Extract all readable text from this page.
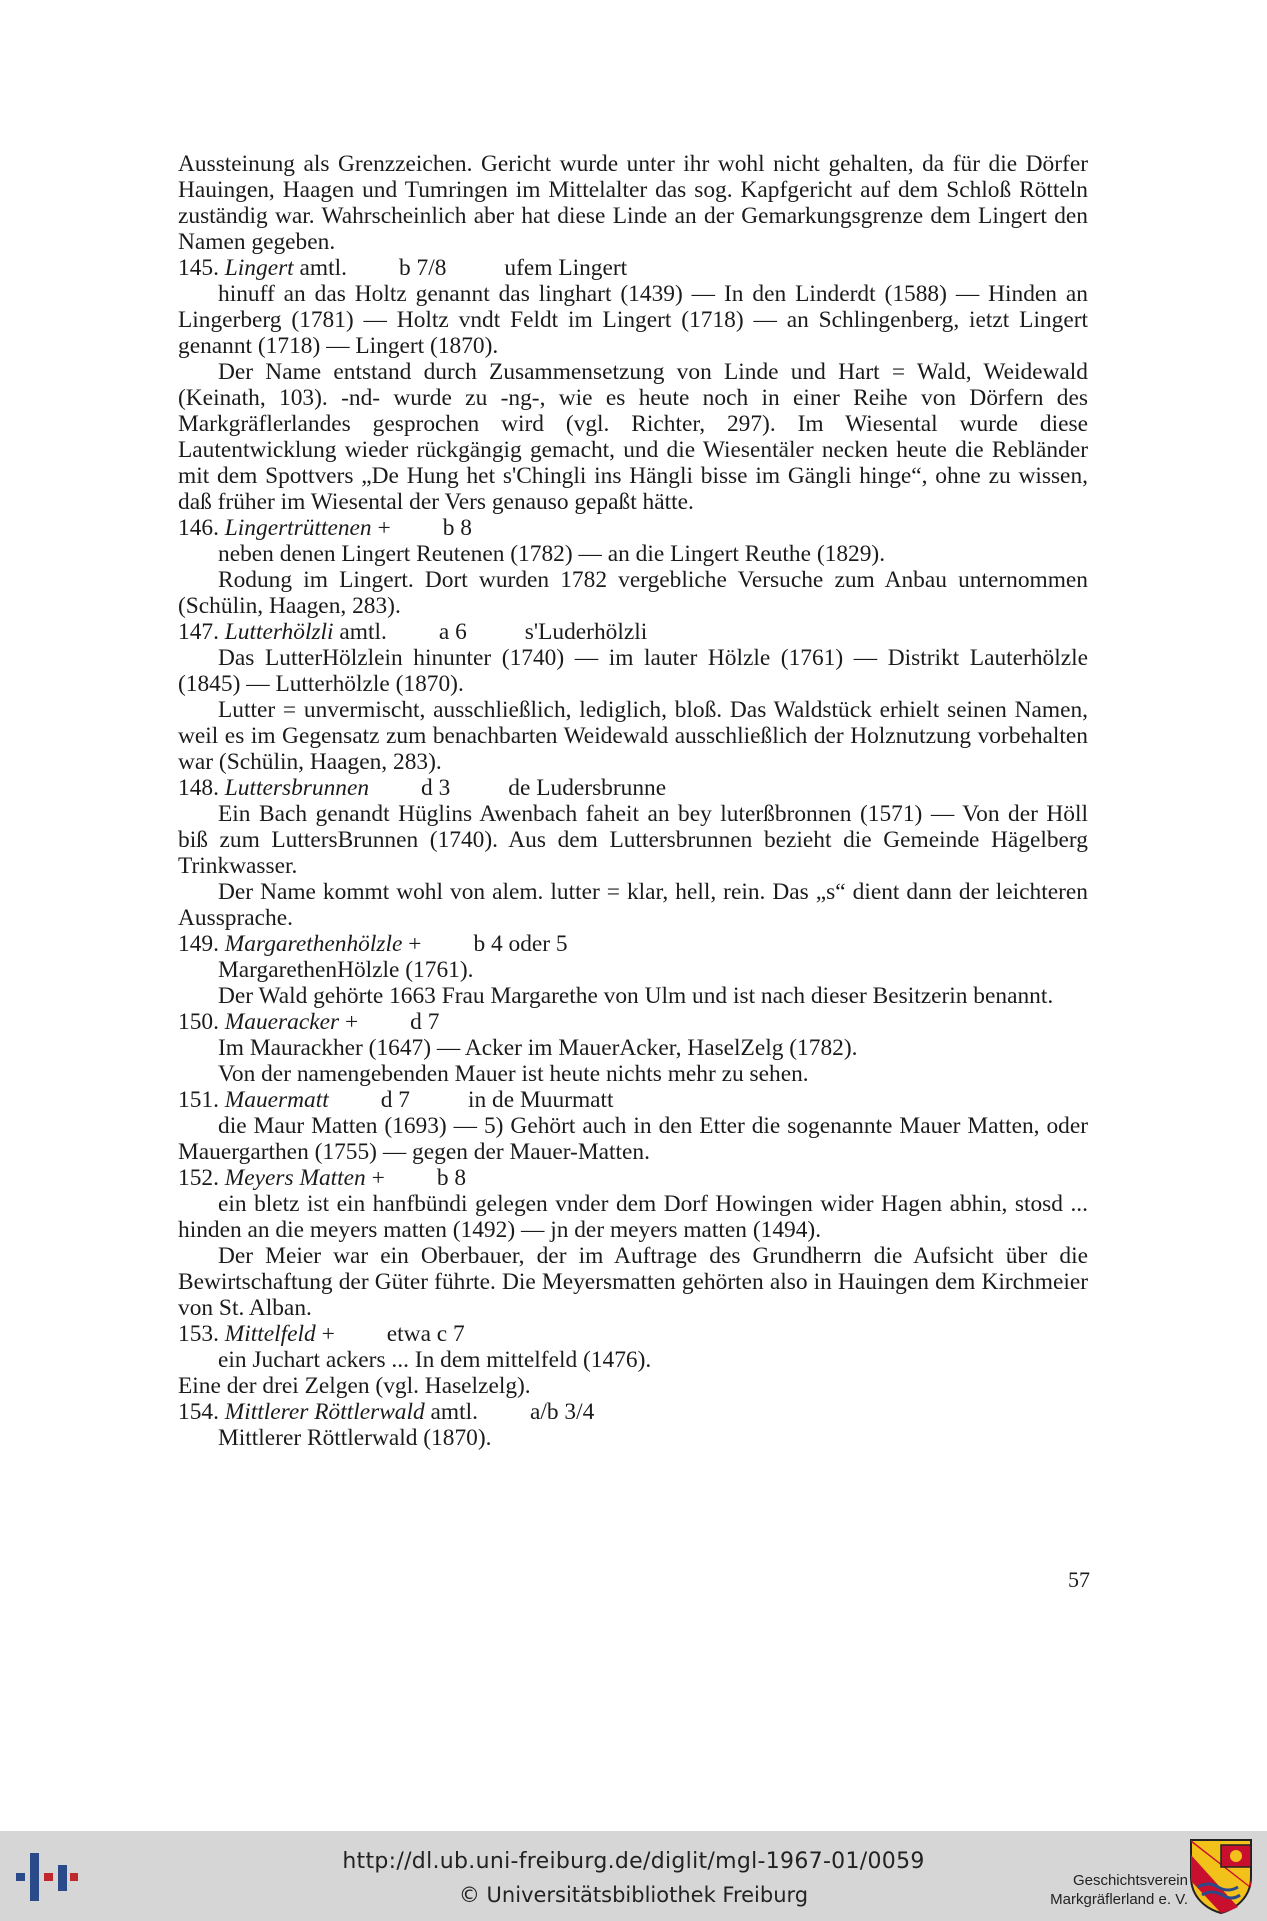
Aussteinung als Grenzzeichen. Gericht wurde unter ihr wohl nicht gehalten, da für die Dörfer Hauingen, Haagen und Tumringen im Mittelalter das sog. Kapfgericht auf dem Schloß Rötteln zuständig war. Wahrscheinlich aber hat diese Linde an der Gemarkungsgrenze dem Lingert den Namen gegeben.

145. Lingert amtl. b 7/8 ufem Lingert

hinuff an das Holtz genannt das linghart (1439) — In den Linderdt (1588) — Hinden an Lingerberg (1781) — Holtz vndt Feldt im Lingert (1718) — an Schlingenberg, ietzt Lingert genannt (1718) — Lingert (1870).

Der Name entstand durch Zusammensetzung von Linde und Hart = Wald, Weidewald (Keinath, 103). -nd- wurde zu -ng-, wie es heute noch in einer Reihe von Dörfern des Markgräflerlandes gesprochen wird (vgl. Richter, 297). Im Wiesental wurde diese Lautentwicklung wieder rückgängig gemacht, und die Wiesentäler necken heute die Rebländer mit dem Spottvers „De Hung het s'Chingli ins Hängli bisse im Gängli hinge“, ohne zu wissen, daß früher im Wiesental der Vers genauso gepaßt hätte.

146. Lingertrüttenen + b 8

neben denen Lingert Reutenen (1782) — an die Lingert Reuthe (1829).

Rodung im Lingert. Dort wurden 1782 vergebliche Versuche zum Anbau unternommen (Schülin, Haagen, 283).

147. Lutterhölzli amtl. a 6 s'Luderhölzli

Das LutterHölzlein hinunter (1740) — im lauter Hölzle (1761) — Distrikt Lauterhölzle (1845) — Lutterhölzle (1870).

Lutter = unvermischt, ausschließlich, lediglich, bloß. Das Waldstück erhielt seinen Namen, weil es im Gegensatz zum benachbarten Weidewald ausschließlich der Holznutzung vorbehalten war (Schülin, Haagen, 283).

148. Luttersbrunnen d 3 de Ludersbrunne

Ein Bach genandt Hüglins Awenbach faheit an bey luterßbronnen (1571) — Von der Höll biß zum LuttersBrunnen (1740). Aus dem Luttersbrunnen bezieht die Gemeinde Hägelberg Trinkwasser.

Der Name kommt wohl von alem. lutter = klar, hell, rein. Das „s“ dient dann der leichteren Aussprache.

149. Margarethenhölzle + b 4 oder 5

MargarethenHölzle (1761).

Der Wald gehörte 1663 Frau Margarethe von Ulm und ist nach dieser Besitzerin benannt.

150. Maueracker + d 7

Im Maurackher (1647) — Acker im MauerAcker, HaselZelg (1782).

Von der namengebenden Mauer ist heute nichts mehr zu sehen.

151. Mauermatt d 7 in de Muurmatt

die Maur Matten (1693) — 5) Gehört auch in den Etter die sogenannte Mauer Matten, oder Mauergarthen (1755) — gegen der Mauer-Matten.

152. Meyers Matten + b 8

ein bletz ist ein hanfbündi gelegen vnder dem Dorf Howingen wider Hagen abhin, stosd ... hinden an die meyers matten (1492) — jn der meyers matten (1494).

Der Meier war ein Oberbauer, der im Auftrage des Grundherrn die Aufsicht über die Bewirtschaftung der Güter führte. Die Meyersmatten gehörten also in Hauingen dem Kirchmeier von St. Alban.

153. Mittelfeld + etwa c 7

ein Juchart ackers ... In dem mittelfeld (1476).

Eine der drei Zelgen (vgl. Haselzelg).

154. Mittlerer Röttlerwald amtl. a/b 3/4

Mittlerer Röttlerwald (1870).

57
http://dl.ub.uni-freiburg.de/diglit/mgl-1967-01/0059
© Universitätsbibliothek Freiburg
Geschichtsverein
Markgräflerland e. V.
